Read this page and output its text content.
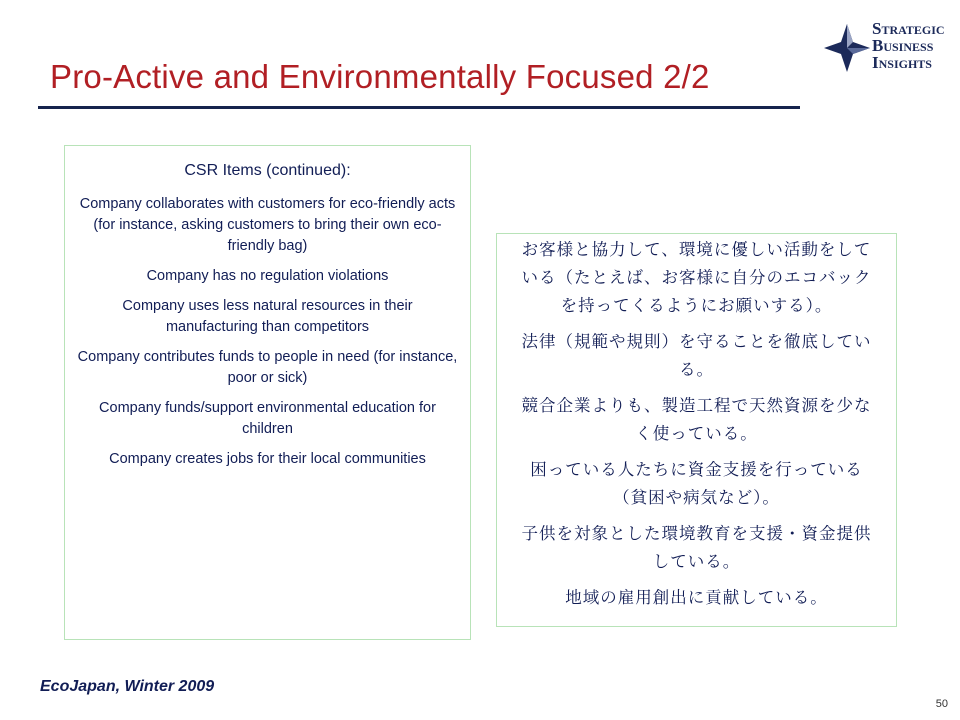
Pro-Active and Environmentally Focused 2/2
Strategic
Business
Insights
CSR Items (continued):
Company collaborates with customers for eco-friendly acts (for instance, asking customers to bring their own eco-friendly bag)
Company has no regulation violations
Company uses less natural resources in their manufacturing than competitors
Company contributes funds to people in need (for instance, poor or sick)
Company funds/support environmental education for children
Company creates jobs for their local communities
お客様と協力して、環境に優しい活動をしている（たとえば、お客様に自分のエコバックを持ってくるようにお願いする）。
法律（規範や規則）を守ることを徹底している。
競合企業よりも、製造工程で天然資源を少なく使っている。
困っている人たちに資金支援を行っている（貧困や病気など）。
子供を対象とした環境教育を支援・資金提供している。
地域の雇用創出に貢献している。
EcoJapan, Winter 2009
50
